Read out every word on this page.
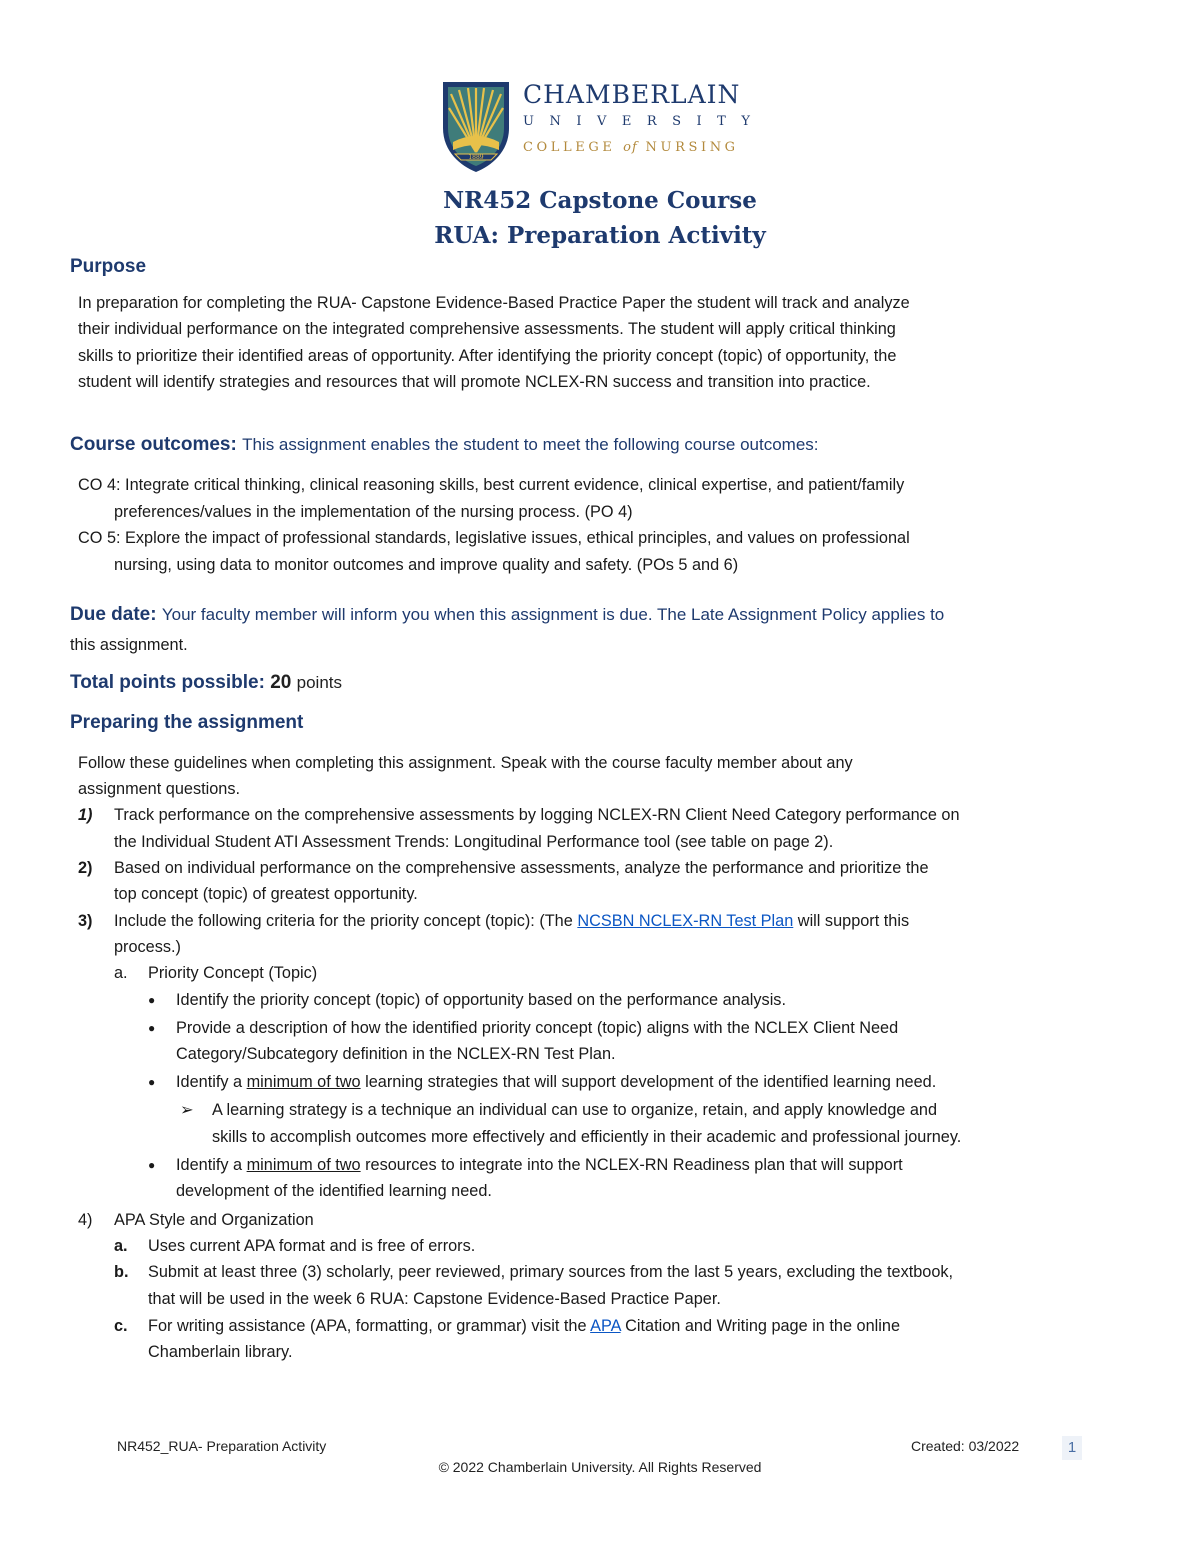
1889
CHAMBERLAIN
UNIVERSITY
COLLEGE of NURSING
NR452 Capstone Course
RUA: Preparation Activity
Purpose
In preparation for completing the RUA- Capstone Evidence-Based Practice Paper the student will track and analyze
their individual performance on the integrated comprehensive assessments. The student will apply critical thinking
skills to prioritize their identified areas of opportunity. After identifying the priority concept (topic) of opportunity, the
student will identify strategies and resources that will promote NCLEX-RN success and transition into practice.
Course outcomes: This assignment enables the student to meet the following course outcomes:
CO 4: Integrate critical thinking, clinical reasoning skills, best current evidence, clinical expertise, and patient/family
preferences/values in the implementation of the nursing process. (PO 4)
CO 5: Explore the impact of professional standards, legislative issues, ethical principles, and values on professional
nursing, using data to monitor outcomes and improve quality and safety. (POs 5 and 6)
Due date: Your faculty member will inform you when this assignment is due. The Late Assignment Policy applies to
this assignment.
Total points possible: 20 points
Preparing the assignment
Follow these guidelines when completing this assignment. Speak with the course faculty member about any
assignment questions.
1) Track performance on the comprehensive assessments by logging NCLEX-RN Client Need Category performance on
the Individual Student ATI Assessment Trends: Longitudinal Performance tool (see table on page 2).
2) Based on individual performance on the comprehensive assessments, analyze the performance and prioritize the
top concept (topic) of greatest opportunity.
3) Include the following criteria for the priority concept (topic): (The NCSBN NCLEX-RN Test Plan will support this
process.)
a. Priority Concept (Topic)
● Identify the priority concept (topic) of opportunity based on the performance analysis.
● Provide a description of how the identified priority concept (topic) aligns with the NCLEX Client Need
Category/Subcategory definition in the NCLEX-RN Test Plan.
● Identify a minimum of two learning strategies that will support development of the identified learning need.
➢ A learning strategy is a technique an individual can use to organize, retain, and apply knowledge and
skills to accomplish outcomes more effectively and efficiently in their academic and professional journey.
● Identify a minimum of two resources to integrate into the NCLEX-RN Readiness plan that will support
development of the identified learning need.
4) APA Style and Organization
a. Uses current APA format and is free of errors.
b. Submit at least three (3) scholarly, peer reviewed, primary sources from the last 5 years, excluding the textbook,
that will be used in the week 6 RUA: Capstone Evidence-Based Practice Paper.
c. For writing assistance (APA, formatting, or grammar) visit the APA Citation and Writing page in the online
Chamberlain library.
NR452_RUA- Preparation Activity	Created: 03/2022	1
© 2022 Chamberlain University. All Rights Reserved
